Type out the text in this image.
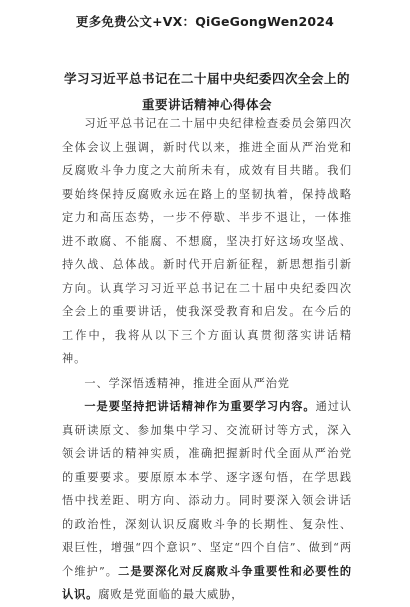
更多免费公文+VX：QiGeGongWen2024
学习习近平总书记在二十届中央纪委四次全会上的重要讲话精神心得体会

习近平总书记在二十届中央纪律检查委员会第四次全体会议上强调，新时代以来，推进全面从严治党和反腐败斗争力度之大前所未有，成效有目共睹。我们要始终保持反腐败永远在路上的坚韧执着，保持战略定力和高压态势，一步不停歇、半步不退让，一体推进不敢腐、不能腐、不想腐，坚决打好这场攻坚战、持久战、总体战。新时代开启新征程，新思想指引新方向。认真学习习近平总书记在二十届中央纪委四次全会上的重要讲话，使我深受教育和启发。在今后的工作中，我将从以下三个方面认真贯彻落实讲话精神。

一、学深悟透精神，推进全面从严治党

一是要坚持把讲话精神作为重要学习内容。通过认真研读原文、参加集中学习、交流研讨等方式，深入领会讲话的精神实质，准确把握新时代全面从严治党的重要要求。要原原本本学、逐字逐句悟，在学思践悟中找差距、明方向、添动力。同时要深入领会讲话的政治性，深刻认识反腐败斗争的长期性、复杂性、艰巨性，增强“四个意识”、坚定“四个自信”、做到“两个维护”。二是要深化对反腐败斗争重要性和必要性的认识。腐败是党面临的最大威胁，
